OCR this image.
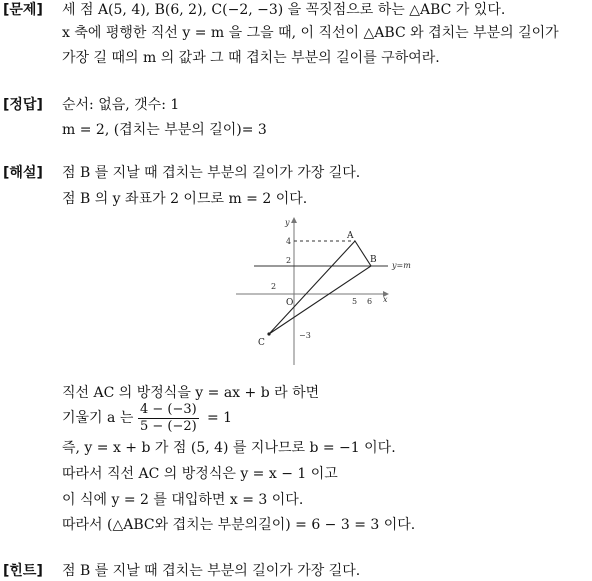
[문제] 세 점 A(5, 4), B(6, 2), C(−2, −3) 을 꼭짓점으로 하는 △ABC 가 있다.
x 축에 평행한 직선 y = m 을 그을 때, 이 직선이 △ABC 와 겹치는 부분의 길이가
가장 길 때의 m 의 값과 그 때 겹치는 부분의 길이를 구하여라.
[정답] 순서: 없음, 갯수: 1
m = 2, (겹치는 부분의 길이)= 3
[해설] 점 B 를 지날 때 겹치는 부분의 길이가 가장 길다.
점 B 의 y 좌표가 2 이므로 m = 2 이다.
y
x
O
A
B
C
4
2
−3
2
5 6
y=m
직선 AC 의 방정식을 y = ax + b 라 하면
기울기 a 는 $\frac{4 - (-3)}{5 - (-2)} = 1$
즉, y = x + b 가 점 (5, 4) 를 지나므로 b = −1 이다.
따라서 직선 AC 의 방정식은 y = x − 1 이고
이 식에 y = 2 를 대입하면 x = 3 이다.
따라서 (△ABC와 겹치는 부분의길이) = 6 − 3 = 3 이다.
[힌트] 점 B 를 지날 때 겹치는 부분의 길이가 가장 길다.
